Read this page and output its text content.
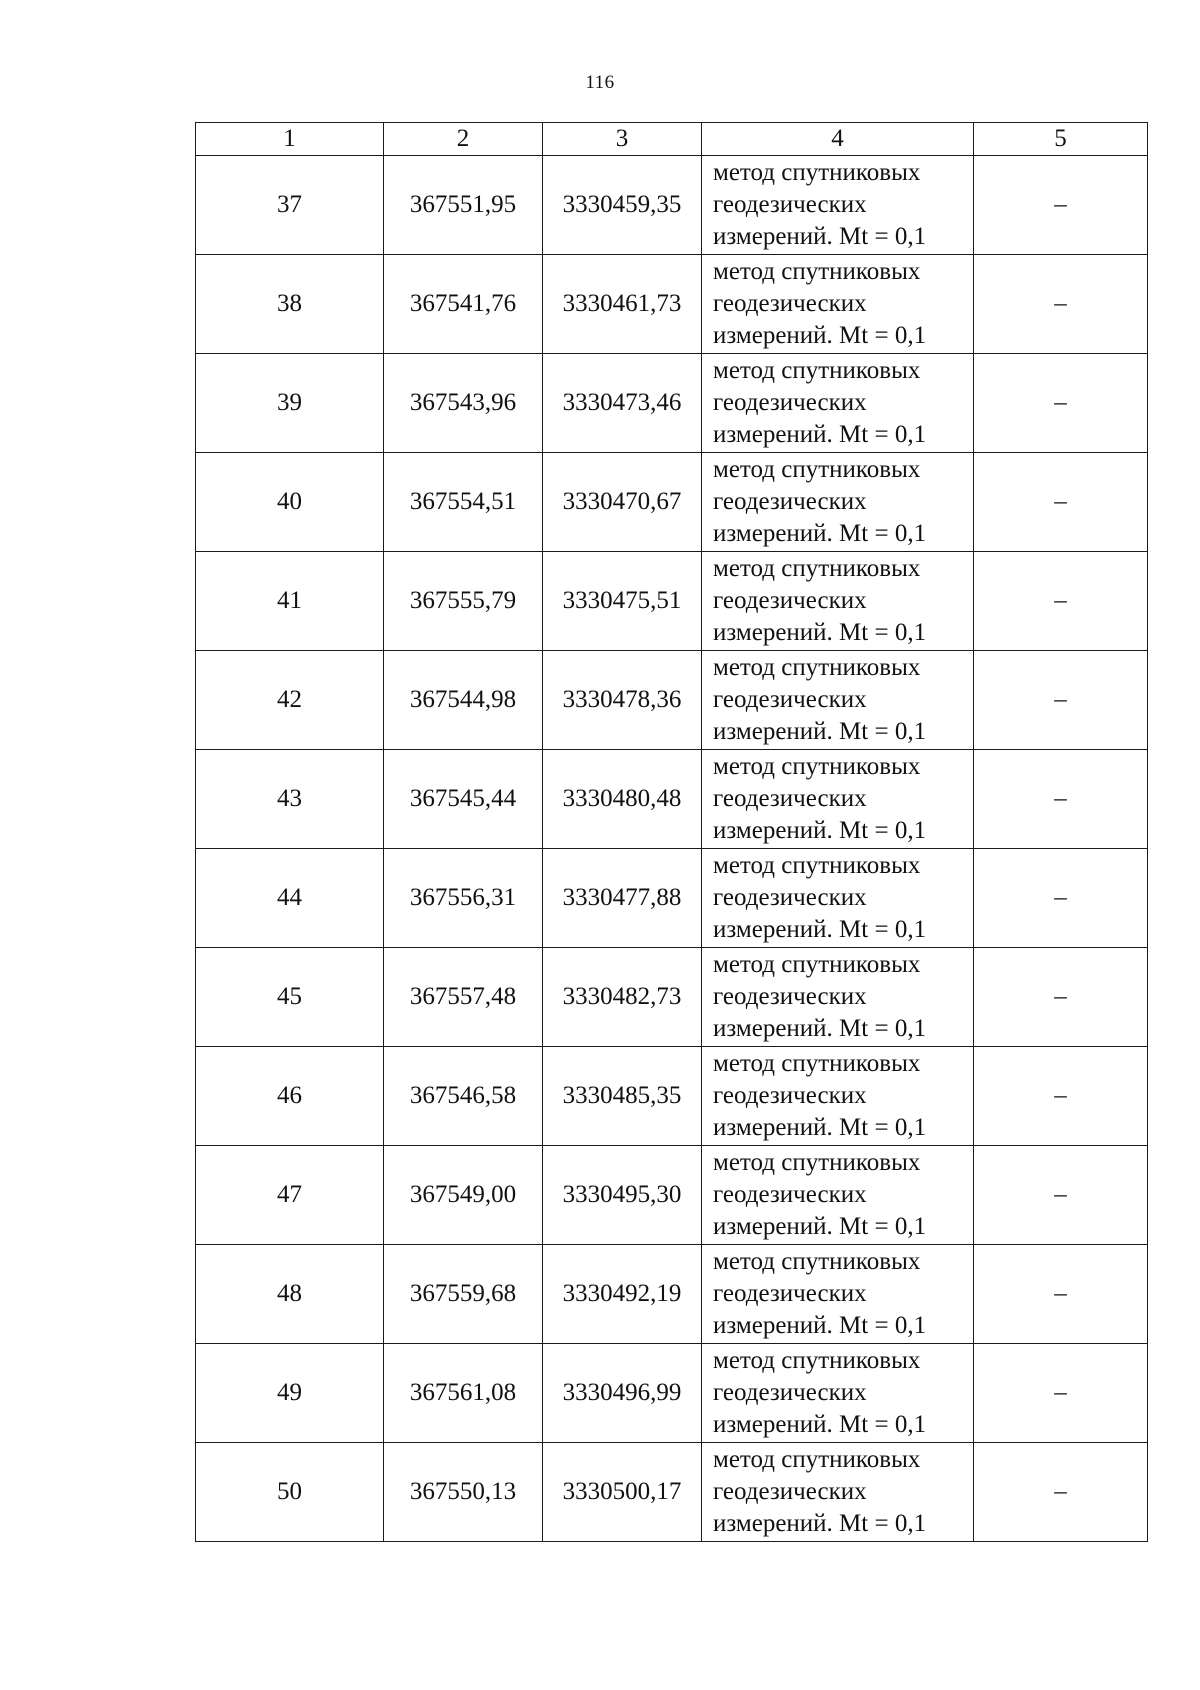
116
1	2	3	4	5
37	367551,95	3330459,35	метод спутниковых
геодезических
измерений. Mt = 0,1	–
38	367541,76	3330461,73	метод спутниковых
геодезических
измерений. Mt = 0,1	–
39	367543,96	3330473,46	метод спутниковых
геодезических
измерений. Mt = 0,1	–
40	367554,51	3330470,67	метод спутниковых
геодезических
измерений. Mt = 0,1	–
41	367555,79	3330475,51	метод спутниковых
геодезических
измерений. Mt = 0,1	–
42	367544,98	3330478,36	метод спутниковых
геодезических
измерений. Mt = 0,1	–
43	367545,44	3330480,48	метод спутниковых
геодезических
измерений. Mt = 0,1	–
44	367556,31	3330477,88	метод спутниковых
геодезических
измерений. Mt = 0,1	–
45	367557,48	3330482,73	метод спутниковых
геодезических
измерений. Mt = 0,1	–
46	367546,58	3330485,35	метод спутниковых
геодезических
измерений. Mt = 0,1	–
47	367549,00	3330495,30	метод спутниковых
геодезических
измерений. Mt = 0,1	–
48	367559,68	3330492,19	метод спутниковых
геодезических
измерений. Mt = 0,1	–
49	367561,08	3330496,99	метод спутниковых
геодезических
измерений. Mt = 0,1	–
50	367550,13	3330500,17	метод спутниковых
геодезических
измерений. Mt = 0,1	–
